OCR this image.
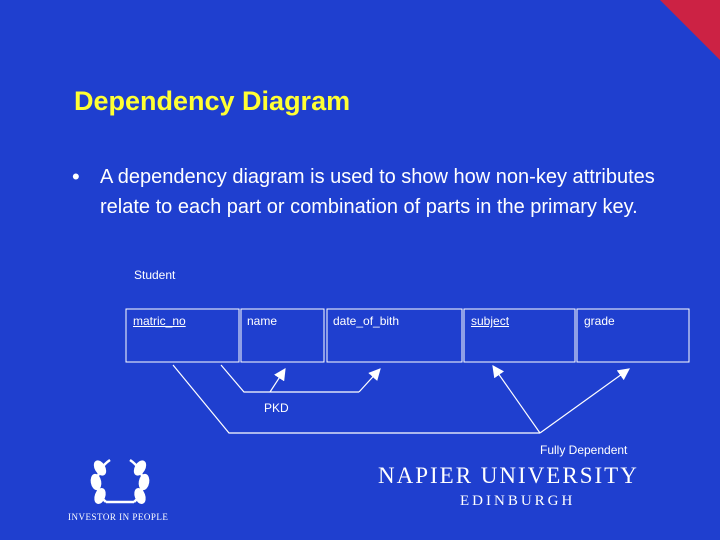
Dependency Diagram
• A dependency diagram is used to show how non-key attributes relate to each part or combination of parts in the primary key.
Student
matric_no	name	date_of_bith	subject	grade
PKD
Fully Dependent
NAPIER UNIVERSITY
EDINBURGH
INVESTOR IN PEOPLE
